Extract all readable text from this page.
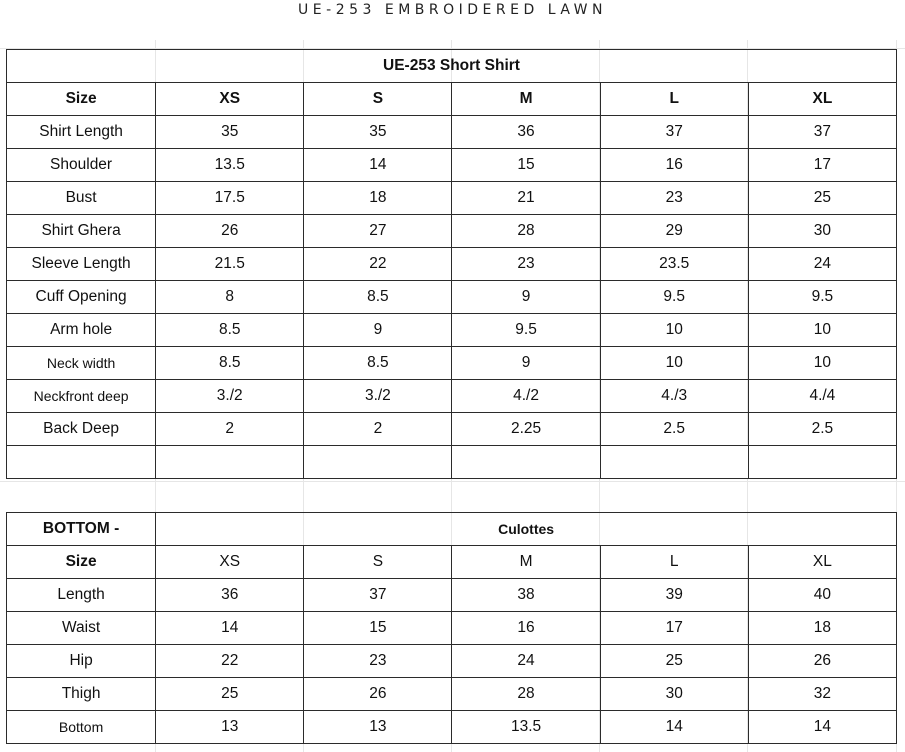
UE-253 EMBROIDERED LAWN
UE-253 Short Shirt					
Size	XS	S	M	L	XL
Shirt Length	35	35	36	37	37
Shoulder	13.5	14	15	16	17
Bust	17.5	18	21	23	25
Shirt Ghera	26	27	28	29	30
Sleeve Length	21.5	22	23	23.5	24
Cuff Opening	8	8.5	9	9.5	9.5
Arm hole	8.5	9	9.5	10	10
Neck width	8.5	8.5	9	10	10
Neckfront deep	3./2	3./2	4./2	4./3	4./4
Back Deep	2	2	2.25	2.5	2.5

BOTTOM -	Culottes				
Size	XS	S	M	L	XL
Length	36	37	38	39	40
Waist	14	15	16	17	18
Hip	22	23	24	25	26
Thigh	25	26	28	30	32
Bottom	13	13	13.5	14	14
